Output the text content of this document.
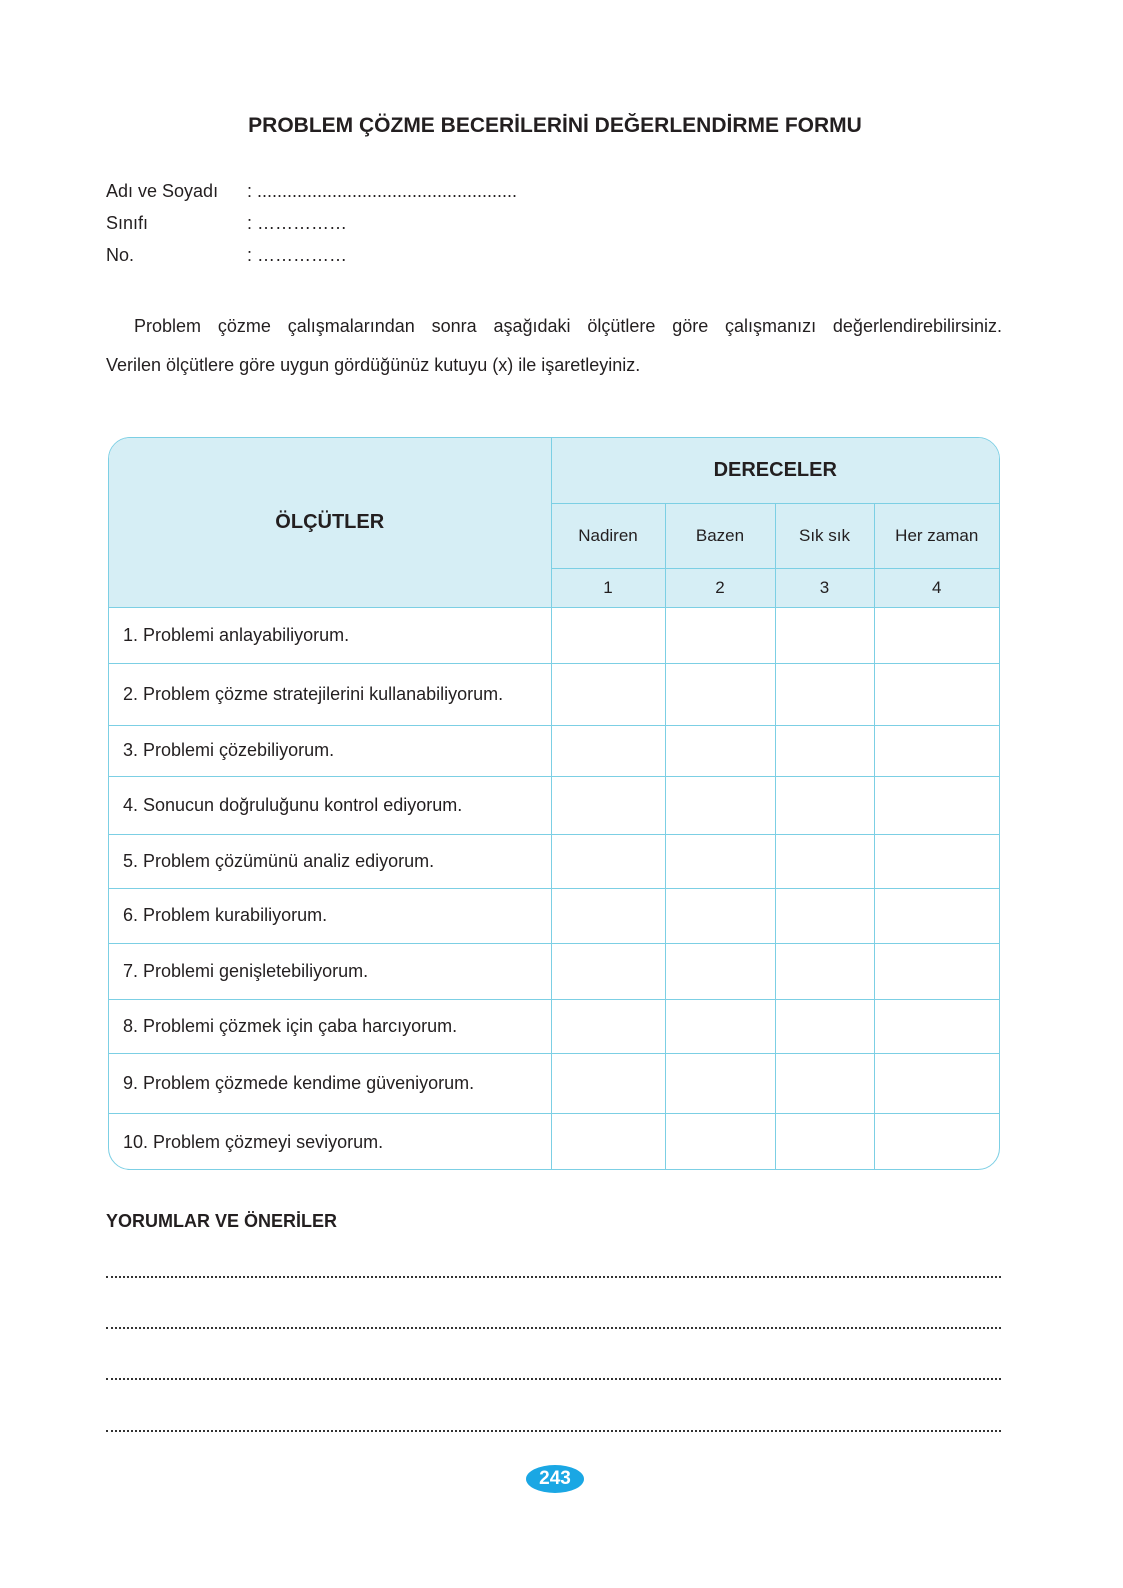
PROBLEM ÇÖZME BECERİLERİNİ DEĞERLENDİRME FORMU
Adı ve Soyadı : ....................................................
Sınıfı	: ……………
No.	: ……………
Problem çözme çalışmalarından sonra aşağıdaki ölçütlere göre çalışmanızı değerlendirebilirsiniz.
Verilen ölçütlere göre uygun gördüğünüz kutuyu (x) ile işaretleyiniz.
ÖLÇÜTLER	DERECELER			
	Nadiren	Bazen	Sık sık	Her zaman
	1	2	3	4
1. Problemi anlayabiliyorum.				
2. Problem çözme stratejilerini kullanabiliyorum.				
3. Problemi çözebiliyorum.				
4. Sonucun doğruluğunu kontrol ediyorum.				
5. Problem çözümünü analiz ediyorum.				
6. Problem kurabiliyorum.				
7. Problemi genişletebiliyorum.				
8. Problemi çözmek için çaba harcıyorum.				
9. Problem çözmede kendime güveniyorum.				
10. Problem çözmeyi seviyorum.				
YORUMLAR VE ÖNERİLER
243
